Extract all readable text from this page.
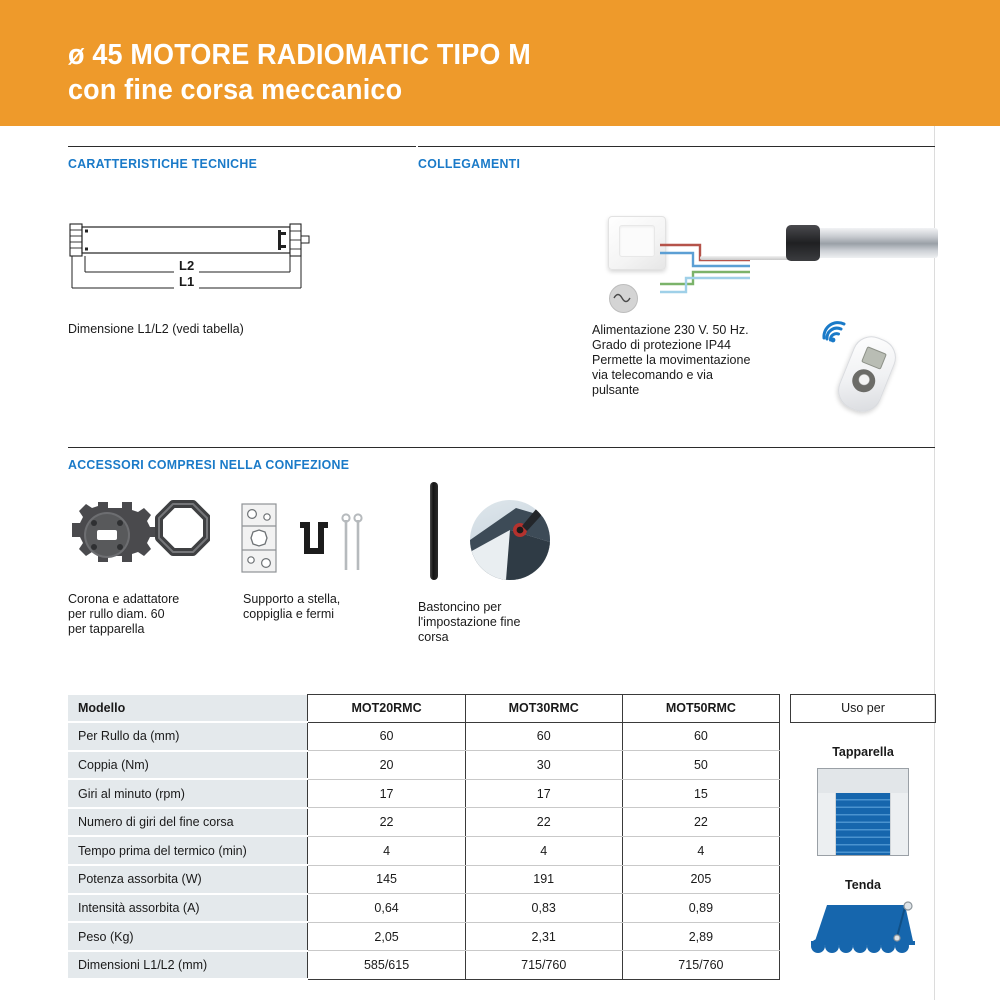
ø 45 MOTORE RADIOMATIC TIPO M
con fine corsa meccanico
CARATTERISTICHE TECNICHE
L2
L1
Dimensione L1/L2 (vedi tabella)
COLLEGAMENTI
Alimentazione 230 V. 50 Hz.
Grado di protezione IP44
Permette la movimentazione
via telecomando e via
pulsante
ACCESSORI COMPRESI NELLA CONFEZIONE
Corona e adattatore
per rullo diam. 60
per tapparella
Supporto a stella,
coppiglia e fermi	Bastoncino per
l'impostazione fine
corsa
Modello	MOT20RMC	MOT30RMC	MOT50RMC
Per Rullo da (mm)	60	60	60
Coppia (Nm)	20	30	50
Giri al minuto (rpm)	17	17	15
Numero di giri del fine corsa	22	22	22
Tempo prima del termico (min)	4	4	4
Potenza assorbita (W)	145	191	205
Intensità assorbita (A)	0,64	0,83	0,89
Peso (Kg)	2,05	2,31	2,89
Dimensioni L1/L2 (mm)	585/615	715/760	715/760
Uso per
Tapparella
Tenda
